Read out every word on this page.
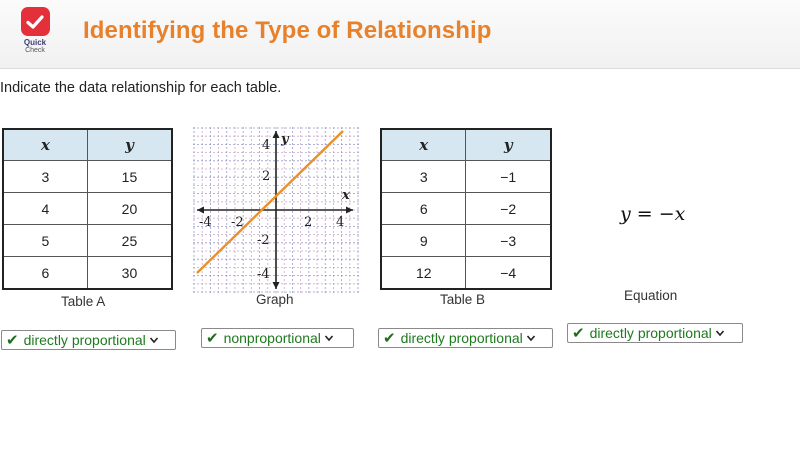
Quick
Check
Identifying the Type of Relationship
Indicate the data relationship for each table.
x	y
3	15
4	20
5	25
6	30
Table A
x
y
-4 -2	2 4
4
2
-2
-4
Graph
x	y
3	−1
6	−2
9	−3
12	−4
Table B
y = −x
Equation
✔ directly proportional	✔ nonproportional	✔ directly proportional	✔ directly proportional
